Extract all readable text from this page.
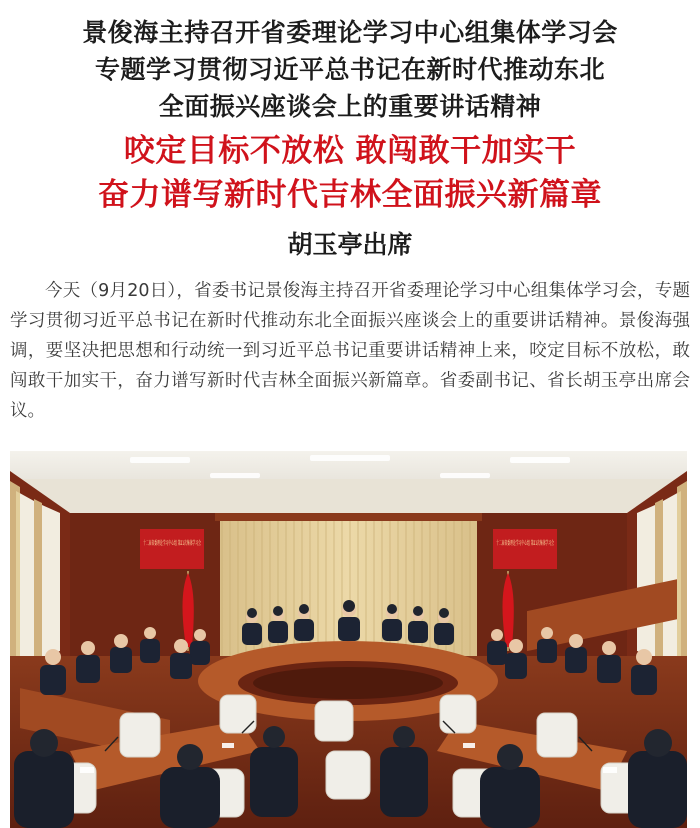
景俊海主持召开省委理论学习中心组集体学习会
专题学习贯彻习近平总书记在新时代推动东北
全面振兴座谈会上的重要讲话精神
咬定目标不放松 敢闯敢干加实干
奋力谱写新时代吉林全面振兴新篇章
胡玉亭出席

今天（9月20日），省委书记景俊海主持召开省委理论学习中心组集体学习会，专题学习贯彻习近平总书记在新时代推动东北全面振兴座谈会上的重要讲话精神。景俊海强调，要坚决把思想和行动统一到习近平总书记重要讲话精神上来，咬定目标不放松，敢闯敢干加实干，奋力谱写新时代吉林全面振兴新篇章。省委副书记、省长胡玉亭出席会议。
